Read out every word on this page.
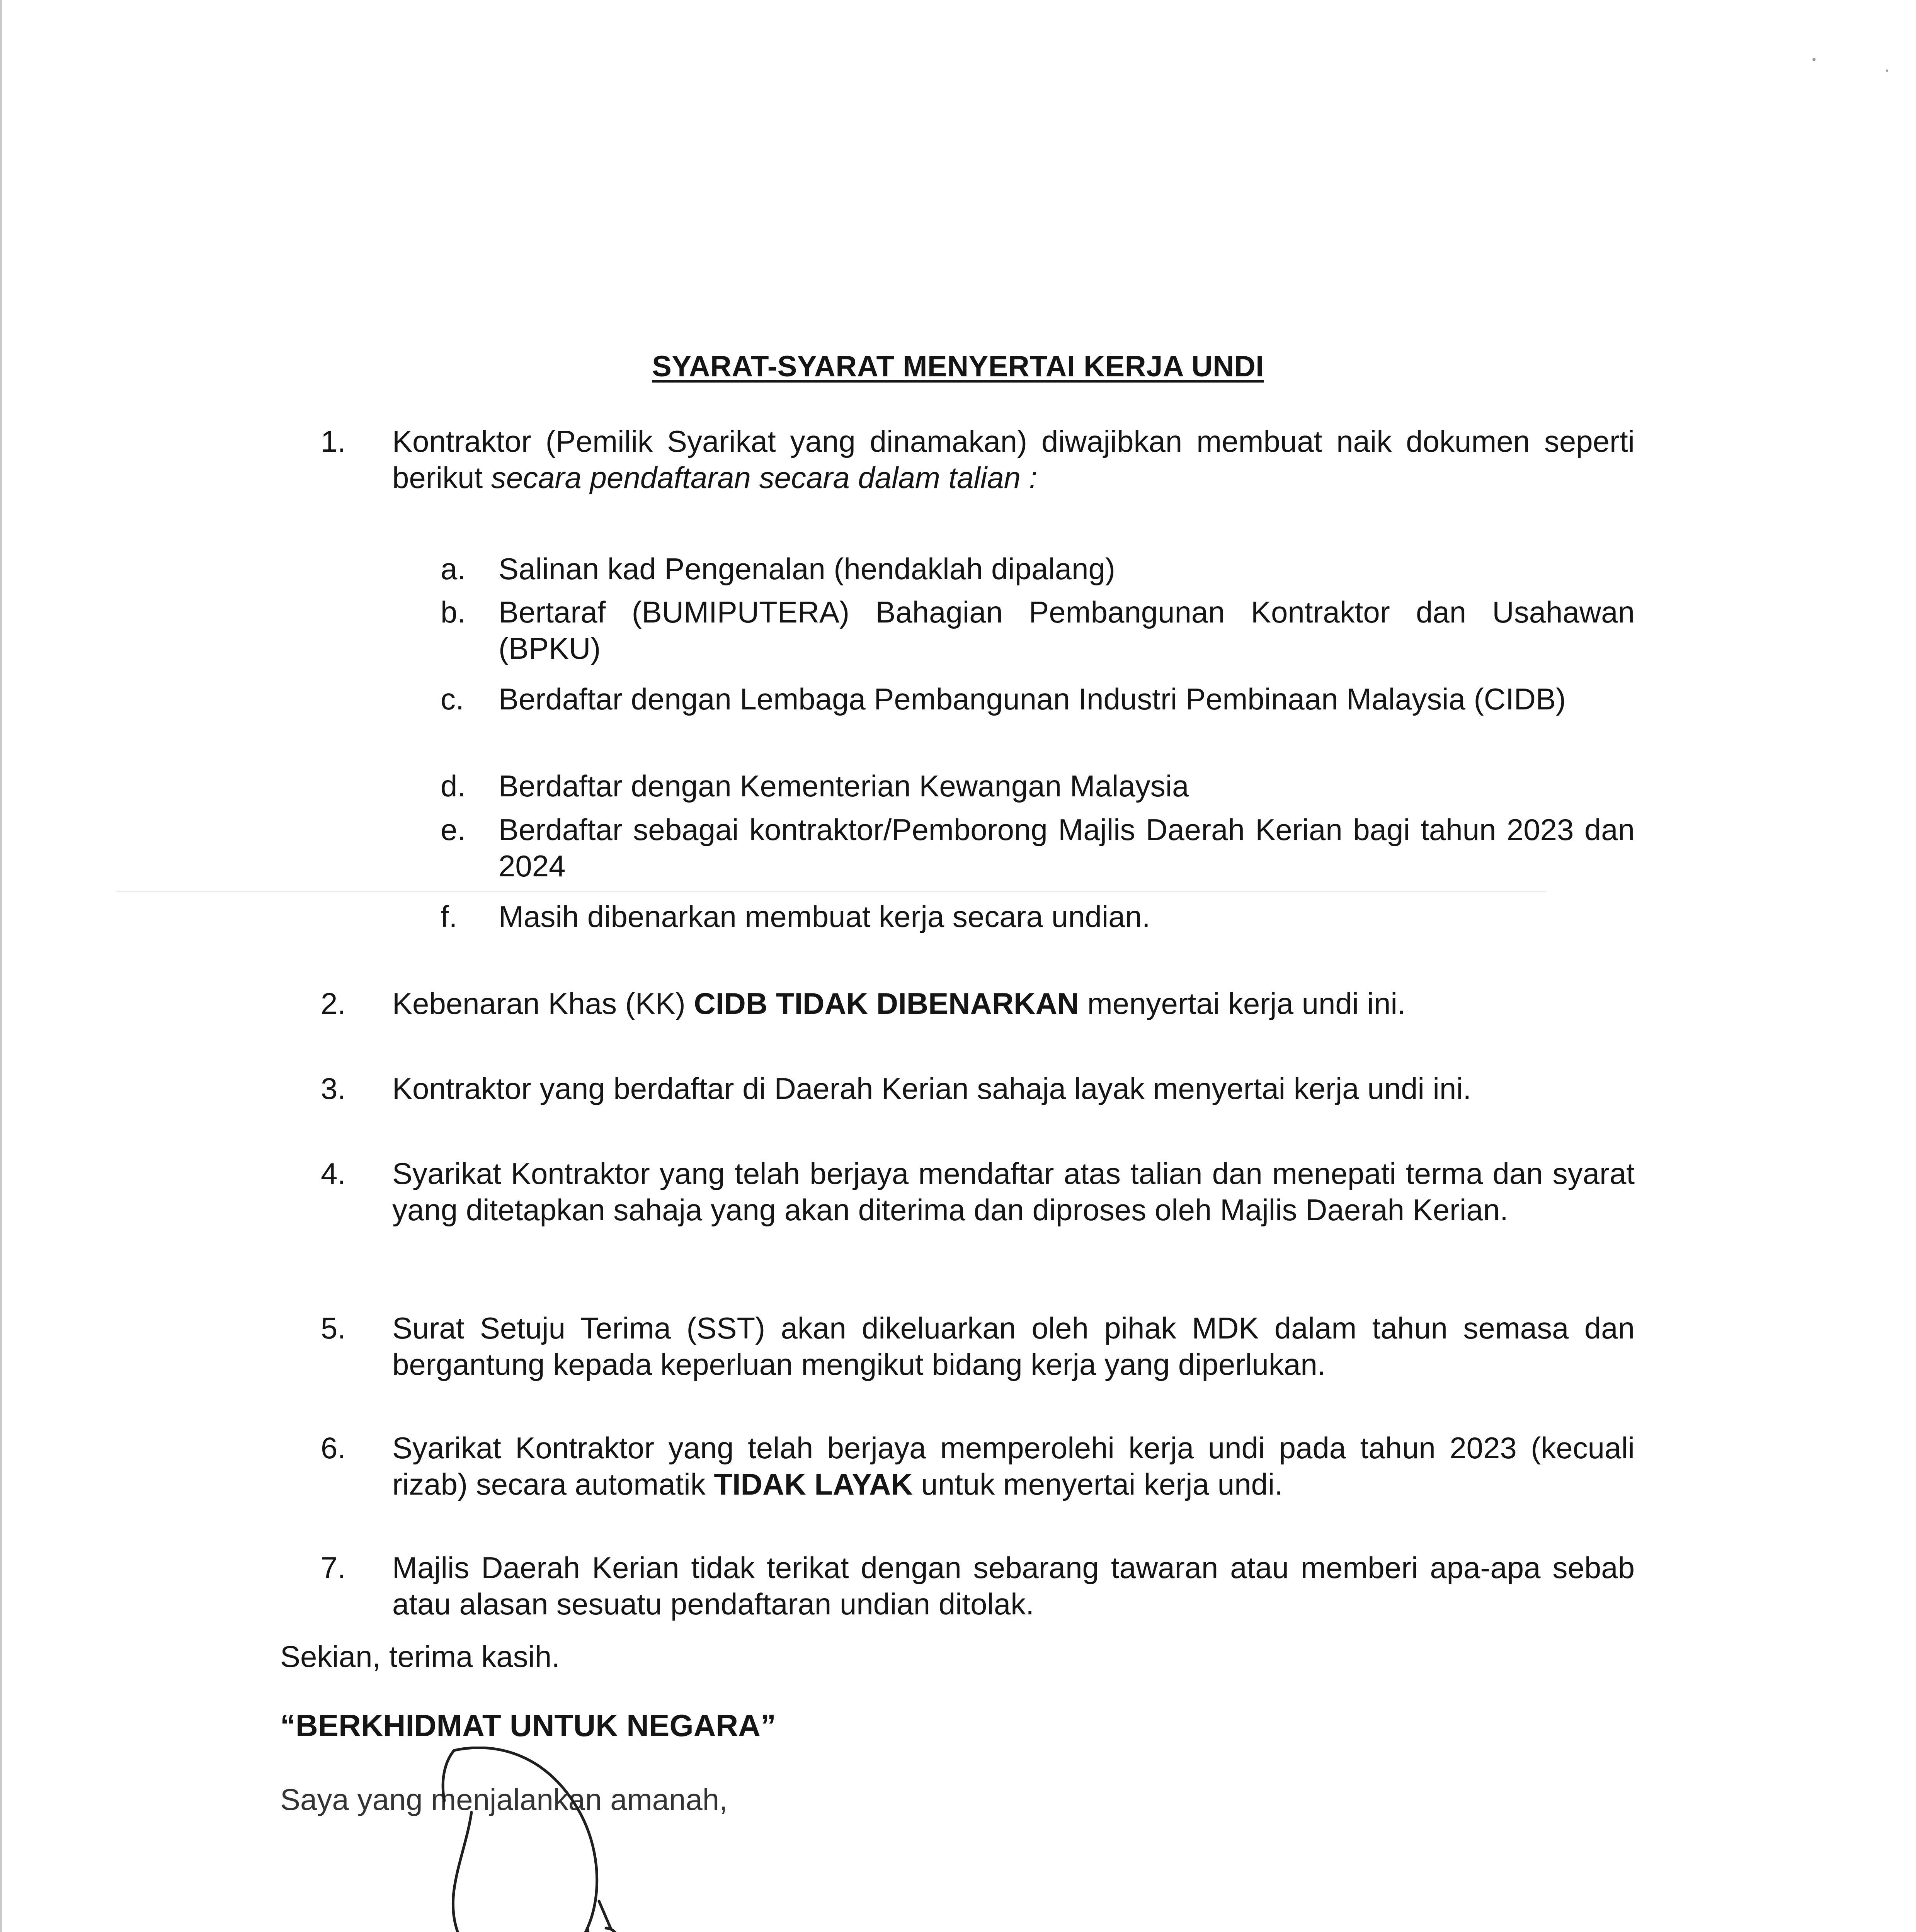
SYARAT-SYARAT MENYERTAI KERJA UNDI
1.	Kontraktor (Pemilik Syarikat yang dinamakan) diwajibkan membuat naik dokumen seperti berikut secara pendaftaran secara dalam talian :
a.	Salinan kad Pengenalan (hendaklah dipalang)
b.	Bertaraf (BUMIPUTERA) Bahagian Pembangunan Kontraktor dan Usahawan (BPKU)
c.	Berdaftar dengan Lembaga Pembangunan Industri Pembinaan Malaysia (CIDB)
d.	Berdaftar dengan Kementerian Kewangan Malaysia
e.	Berdaftar sebagai kontraktor/Pemborong Majlis Daerah Kerian bagi tahun 2023 dan 2024
f.	Masih dibenarkan membuat kerja secara undian.
2.	Kebenaran Khas (KK) CIDB TIDAK DIBENARKAN menyertai kerja undi ini.
3.	Kontraktor yang berdaftar di Daerah Kerian sahaja layak menyertai kerja undi ini.
4.	Syarikat Kontraktor yang telah berjaya mendaftar atas talian dan menepati terma dan syarat yang ditetapkan sahaja yang akan diterima dan diproses oleh Majlis Daerah Kerian.
5.	Surat Setuju Terima (SST) akan dikeluarkan oleh pihak MDK dalam tahun semasa dan bergantung kepada keperluan mengikut bidang kerja yang diperlukan.
6.	Syarikat Kontraktor yang telah berjaya memperolehi kerja undi pada tahun 2023 (kecuali rizab) secara automatik TIDAK LAYAK untuk menyertai kerja undi.
7.	Majlis Daerah Kerian tidak terikat dengan sebarang tawaran atau memberi apa-apa sebab atau alasan sesuatu pendaftaran undian ditolak.
Sekian, terima kasih.
“BERKHIDMAT UNTUK NEGARA”
Saya yang menjalankan amanah,
